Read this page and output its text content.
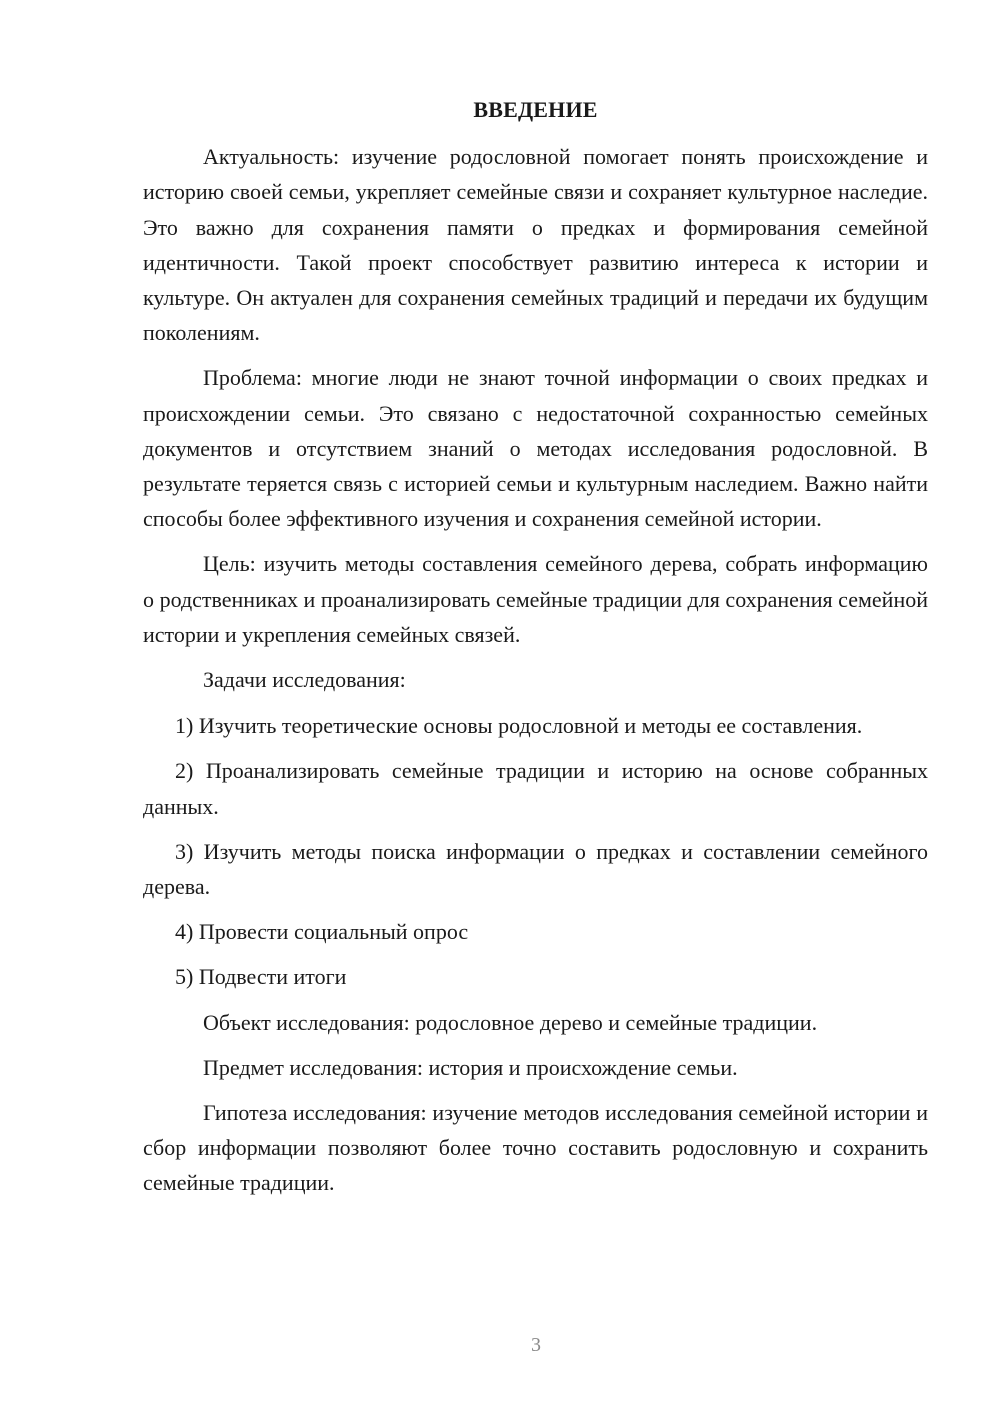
ВВЕДЕНИЕ

Актуальность: изучение родословной помогает понять происхождение и историю своей семьи, укрепляет семейные связи и сохраняет культурное наследие. Это важно для сохранения памяти о предках и формирования семейной идентичности. Такой проект способствует развитию интереса к истории и культуре. Он актуален для сохранения семейных традиций и передачи их будущим поколениям.

Проблема: многие люди не знают точной информации о своих предках и происхождении семьи. Это связано с недостаточной сохранностью семейных документов и отсутствием знаний о методах исследования родословной. В результате теряется связь с историей семьи и культурным наследием. Важно найти способы более эффективного изучения и сохранения семейной истории.

Цель: изучить методы составления семейного дерева, собрать информацию о родственниках и проанализировать семейные традиции для сохранения семейной истории и укрепления семейных связей.

Задачи исследования:

1) Изучить теоретические основы родословной и методы ее составления.

2) Проанализировать семейные традиции и историю на основе собранных данных.

3) Изучить методы поиска информации о предках и составлении семейного дерева.

4) Провести социальный опрос

5) Подвести итоги

Объект исследования: родословное дерево и семейные традиции.

Предмет исследования: история и происхождение семьи.

Гипотеза исследования: изучение методов исследования семейной истории и сбор информации позволяют более точно составить родословную и сохранить семейные традиции.

3
